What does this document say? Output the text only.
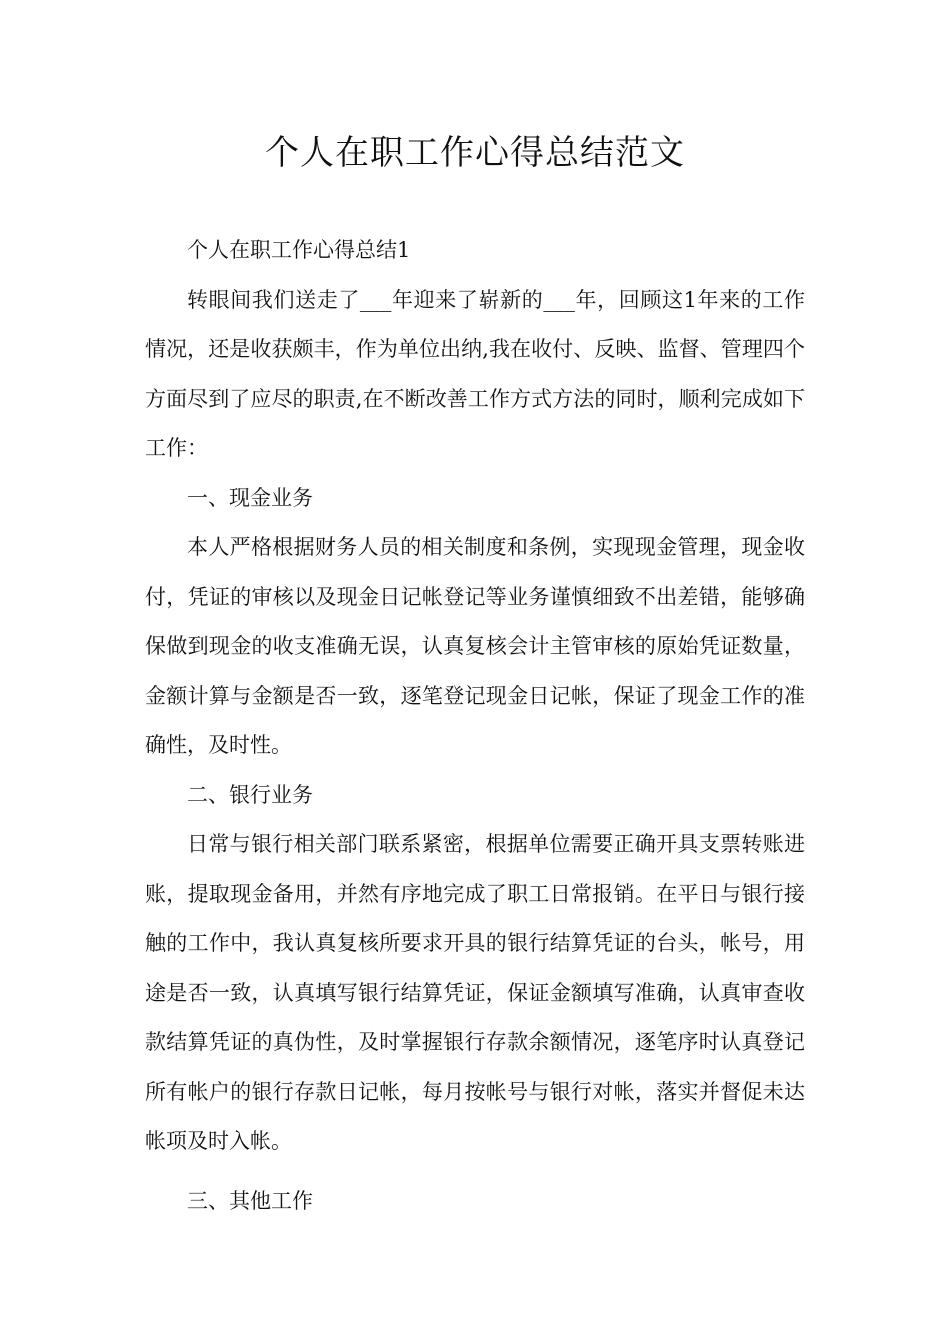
个人在职工作心得总结范文

个人在职工作心得总结1

转眼间我们送走了___年迎来了崭新的___年，回顾这1年来的工作情况，还是收获颇丰，作为单位出纳,我在收付、反映、监督、管理四个方面尽到了应尽的职责,在不断改善工作方式方法的同时，顺利完成如下工作：

一、现金业务

本人严格根据财务人员的相关制度和条例，实现现金管理，现金收付，凭证的审核以及现金日记帐登记等业务谨慎细致不出差错，能够确保做到现金的收支准确无误，认真复核会计主管审核的原始凭证数量，金额计算与金额是否一致，逐笔登记现金日记帐，保证了现金工作的准确性，及时性。

二、银行业务

日常与银行相关部门联系紧密，根据单位需要正确开具支票转账进账，提取现金备用，并然有序地完成了职工日常报销。在平日与银行接触的工作中，我认真复核所要求开具的银行结算凭证的台头，帐号，用途是否一致，认真填写银行结算凭证，保证金额填写准确，认真审查收款结算凭证的真伪性，及时掌握银行存款余额情况，逐笔序时认真登记所有帐户的银行存款日记帐，每月按帐号与银行对帐，落实并督促未达帐项及时入帐。

三、其他工作
